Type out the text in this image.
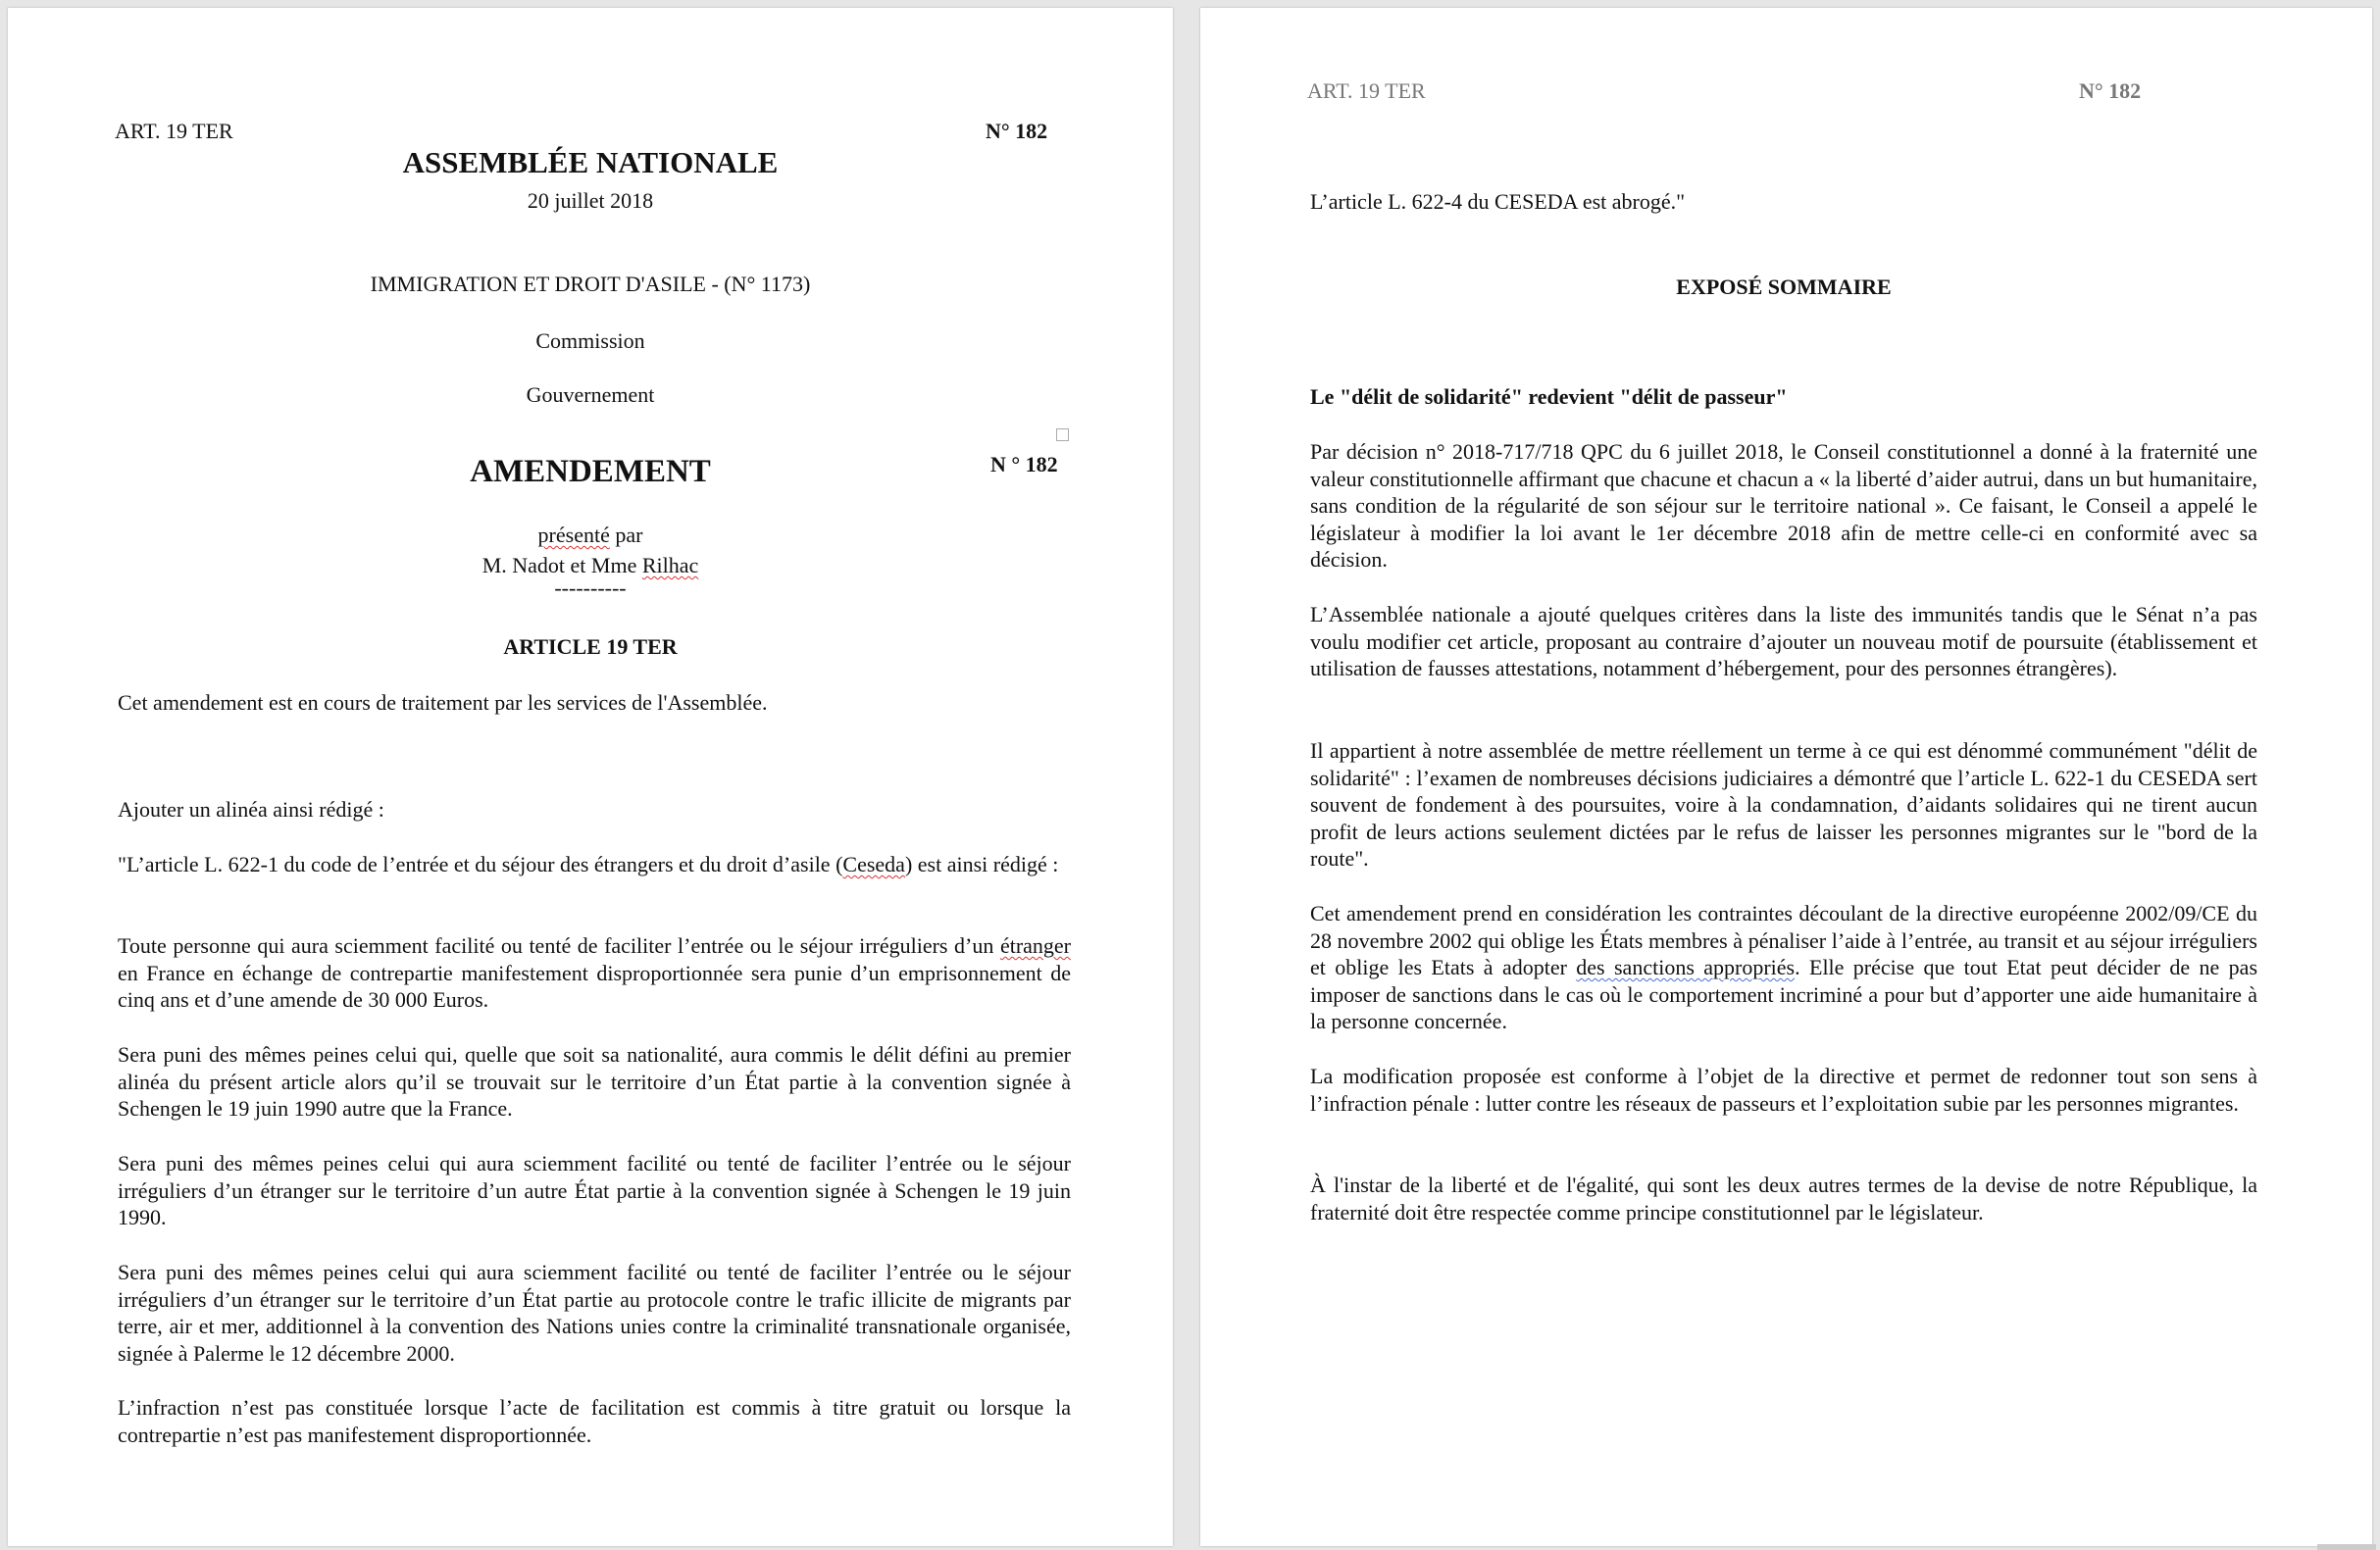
ART. 19 TER	N° 182
ASSEMBLÉE NATIONALE
20 juillet 2018
IMMIGRATION ET DROIT D'ASILE - (N° 1173)
Commission
Gouvernement
AMENDEMENT	N ° 182
présenté par
M. Nadot et Mme Rilhac
----------
ARTICLE 19 TER

Cet amendement est en cours de traitement par les services de l'Assemblée.

Ajouter un alinéa ainsi rédigé :

"L’article L. 622-1 du code de l’entrée et du séjour des étrangers et du droit d’asile (Ceseda) est ainsi rédigé :

Toute personne qui aura sciemment facilité ou tenté de faciliter l’entrée ou le séjour irréguliers d’un étranger en France en échange de contrepartie manifestement disproportionnée sera punie d’un emprisonnement de cinq ans et d’une amende de 30 000 Euros.

Sera puni des mêmes peines celui qui, quelle que soit sa nationalité, aura commis le délit défini au premier alinéa du présent article alors qu’il se trouvait sur le territoire d’un État partie à la convention signée à Schengen le 19 juin 1990 autre que la France.

Sera puni des mêmes peines celui qui aura sciemment facilité ou tenté de faciliter l’entrée ou le séjour irréguliers d’un étranger sur le territoire d’un autre État partie à la convention signée à Schengen le 19 juin 1990.

Sera puni des mêmes peines celui qui aura sciemment facilité ou tenté de faciliter l’entrée ou le séjour irréguliers d’un étranger sur le territoire d’un État partie au protocole contre le trafic illicite de migrants par terre, air et mer, additionnel à la convention des Nations unies contre la criminalité transnationale organisée, signée à Palerme le 12 décembre 2000.

L’infraction n’est pas constituée lorsque l’acte de facilitation est commis à titre gratuit ou lorsque la contrepartie n’est pas manifestement disproportionnée.

ART. 19 TER	N° 182

L’article L. 622-4 du CESEDA est abrogé."

EXPOSÉ SOMMAIRE

Le "délit de solidarité" redevient "délit de passeur"

Par décision n° 2018-717/718 QPC du 6 juillet 2018, le Conseil constitutionnel a donné à la fraternité une valeur constitutionnelle affirmant que chacune et chacun a « la liberté d’aider autrui, dans un but humanitaire, sans condition de la régularité de son séjour sur le territoire national ». Ce faisant, le Conseil a appelé le législateur à modifier la loi avant le 1er décembre 2018 afin de mettre celle-ci en conformité avec sa décision.

L’Assemblée nationale a ajouté quelques critères dans la liste des immunités tandis que le Sénat n’a pas voulu modifier cet article, proposant au contraire d’ajouter un nouveau motif de poursuite (établissement et utilisation de fausses attestations, notamment d’hébergement, pour des personnes étrangères).

Il appartient à notre assemblée de mettre réellement un terme à ce qui est dénommé communément "délit de solidarité" : l’examen de nombreuses décisions judiciaires a démontré que l’article L. 622-1 du CESEDA sert souvent de fondement à des poursuites, voire à la condamnation, d’aidants solidaires qui ne tirent aucun profit de leurs actions seulement dictées par le refus de laisser les personnes migrantes sur le "bord de la route".

Cet amendement prend en considération les contraintes découlant de la directive européenne 2002/09/CE du 28 novembre 2002 qui oblige les États membres à pénaliser l’aide à l’entrée, au transit et au séjour irréguliers et oblige les Etats à adopter des sanctions appropriés. Elle précise que tout Etat peut décider de ne pas imposer de sanctions dans le cas où le comportement incriminé a pour but d’apporter une aide humanitaire à la personne concernée.

La modification proposée est conforme à l’objet de la directive et permet de redonner tout son sens à l’infraction pénale : lutter contre les réseaux de passeurs et l’exploitation subie par les personnes migrantes.

À l'instar de la liberté et de l'égalité, qui sont les deux autres termes de la devise de notre République, la fraternité doit être respectée comme principe constitutionnel par le législateur.
